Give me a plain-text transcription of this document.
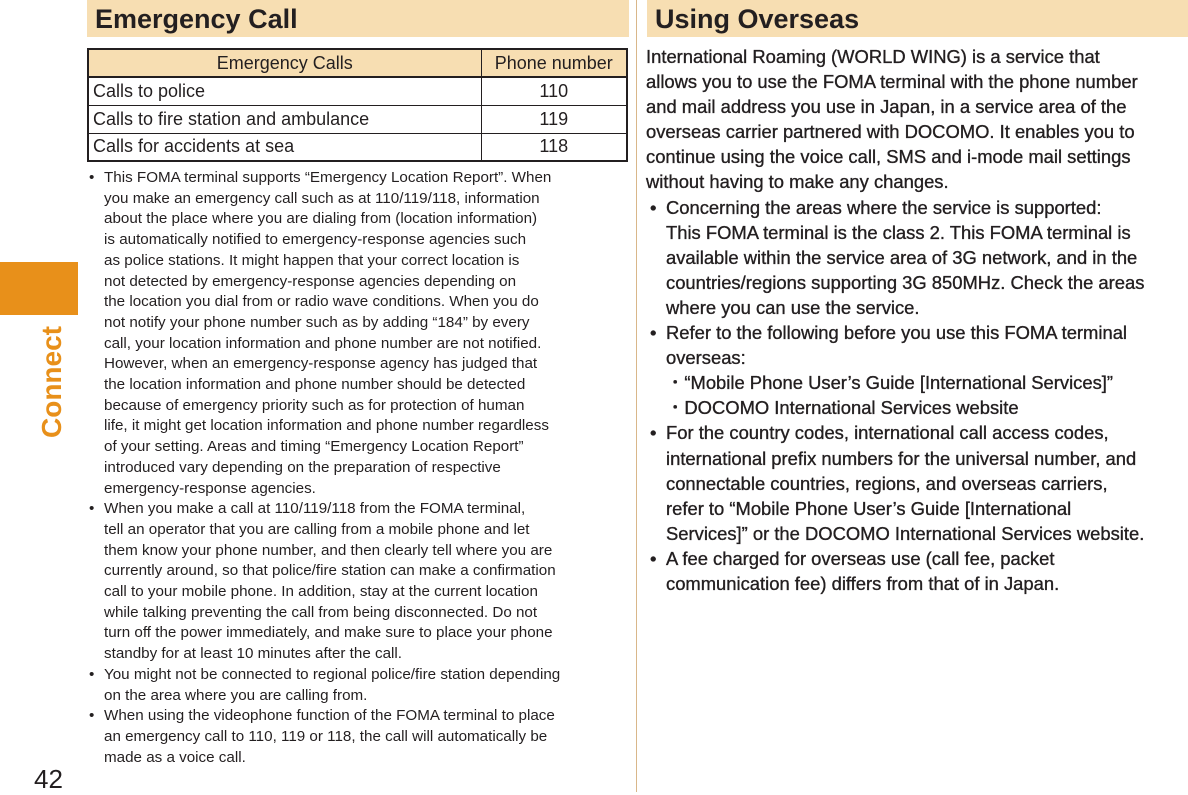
Connect
42
Emergency Call
Emergency Calls	Phone number
Calls to police	110
Calls to fire station and ambulance	119
Calls for accidents at sea	118
• This FOMA terminal supports “Emergency Location Report”. When
you make an emergency call such as at 110/119/118, information
about the place where you are dialing from (location information)
is automatically notified to emergency-response agencies such
as police stations. It might happen that your correct location is
not detected by emergency-response agencies depending on
the location you dial from or radio wave conditions. When you do
not notify your phone number such as by adding “184” by every
call, your location information and phone number are not notified.
However, when an emergency-response agency has judged that
the location information and phone number should be detected
because of emergency priority such as for protection of human
life, it might get location information and phone number regardless
of your setting. Areas and timing “Emergency Location Report”
introduced vary depending on the preparation of respective
emergency-response agencies.
• When you make a call at 110/119/118 from the FOMA terminal,
tell an operator that you are calling from a mobile phone and let
them know your phone number, and then clearly tell where you are
currently around, so that police/fire station can make a confirmation
call to your mobile phone. In addition, stay at the current location
while talking preventing the call from being disconnected. Do not
turn off the power immediately, and make sure to place your phone
standby for at least 10 minutes after the call.
• You might not be connected to regional police/fire station depending
on the area where you are calling from.
• When using the videophone function of the FOMA terminal to place
an emergency call to 110, 119 or 118, the call will automatically be
made as a voice call.
Using Overseas
International Roaming (WORLD WING) is a service that
allows you to use the FOMA terminal with the phone number
and mail address you use in Japan, in a service area of the
overseas carrier partnered with DOCOMO. It enables you to
continue using the voice call, SMS and i-mode mail settings
without having to make any changes.
• Concerning the areas where the service is supported:
This FOMA terminal is the class 2. This FOMA terminal is
available within the service area of 3G network, and in the
countries/regions supporting 3G 850MHz. Check the areas
where you can use the service.
• Refer to the following before you use this FOMA terminal
overseas:
・“Mobile Phone User’s Guide [International Services]”
・DOCOMO International Services website
• For the country codes, international call access codes,
international prefix numbers for the universal number, and
connectable countries, regions, and overseas carriers,
refer to “Mobile Phone User’s Guide [International
Services]” or the DOCOMO International Services website.
• A fee charged for overseas use (call fee, packet
communication fee) differs from that of in Japan.
